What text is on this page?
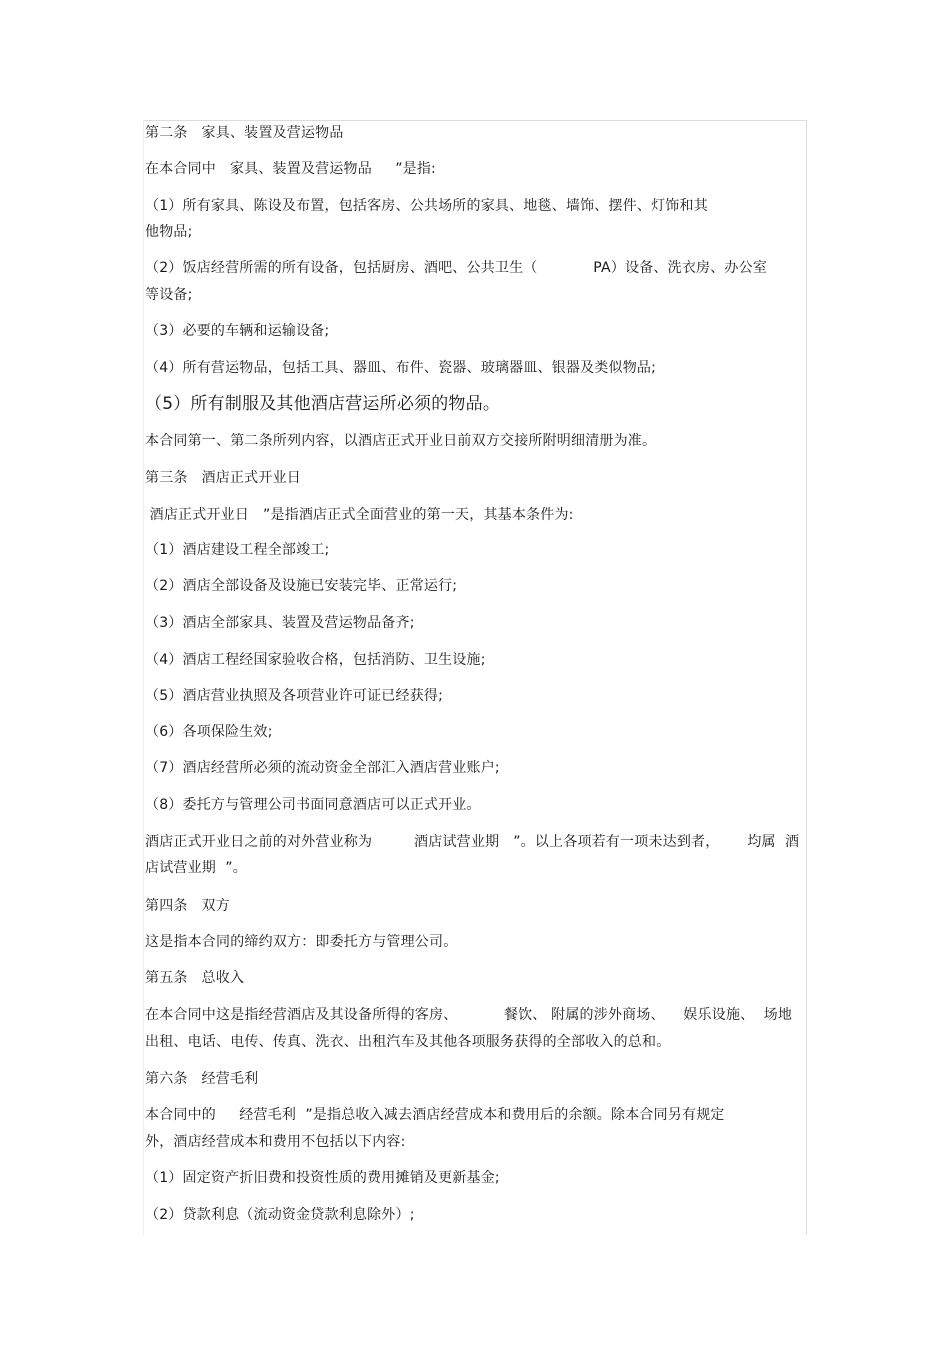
第二条   家具、装置及营运物品
在本合同中   家具、装置及营运物品     ”是指:
（1）所有家具、陈设及布置，包括客房、公共场所的家具、地毯、墙饰、摆件、灯饰和其
他物品;
（2）饭店经营所需的所有设备，包括厨房、酒吧、公共卫生（            PA）设备、洗衣房、办公室
等设备;
（3）必要的车辆和运输设备;
（4）所有营运物品，包括工具、器皿、布件、瓷器、玻璃器皿、银器及类似物品;
（5）所有制服及其他酒店营运所必须的物品。
本合同第一、第二条所列内容，以酒店正式开业日前双方交接所附明细清册为准。
第三条   酒店正式开业日
酒店正式开业日   ”是指酒店正式全面营业的第一天，其基本条件为:
（1）酒店建设工程全部竣工;
（2）酒店全部设备及设施已安装完毕、正常运行;
（3）酒店全部家具、装置及营运物品备齐;
（4）酒店工程经国家验收合格，包括消防、卫生设施;
（5）酒店营业执照及各项营业许可证已经获得;
（6）各项保险生效;
（7）酒店经营所必须的流动资金全部汇入酒店营业账户;
（8）委托方与管理公司书面同意酒店可以正式开业。
酒店正式开业日之前的对外营业称为         酒店试营业期   ”。以上各项若有一项未达到者，      均属  酒
店试营业期  ”。
第四条   双方
这是指本合同的缔约双方：即委托方与管理公司。
第五条   总收入
在本合同中这是指经营酒店及其设备所得的客房、          餐饮、 附属的涉外商场、    娱乐设施、  场地
出租、电话、电传、传真、洗衣、出租汽车及其他各项服务获得的全部收入的总和。
第六条   经营毛利
本合同中的     经营毛利  ”是指总收入减去酒店经营成本和费用后的余额。除本合同另有规定
外，酒店经营成本和费用不包括以下内容:
（1）固定资产折旧费和投资性质的费用摊销及更新基金;
（2）贷款利息（流动资金贷款利息除外）;
